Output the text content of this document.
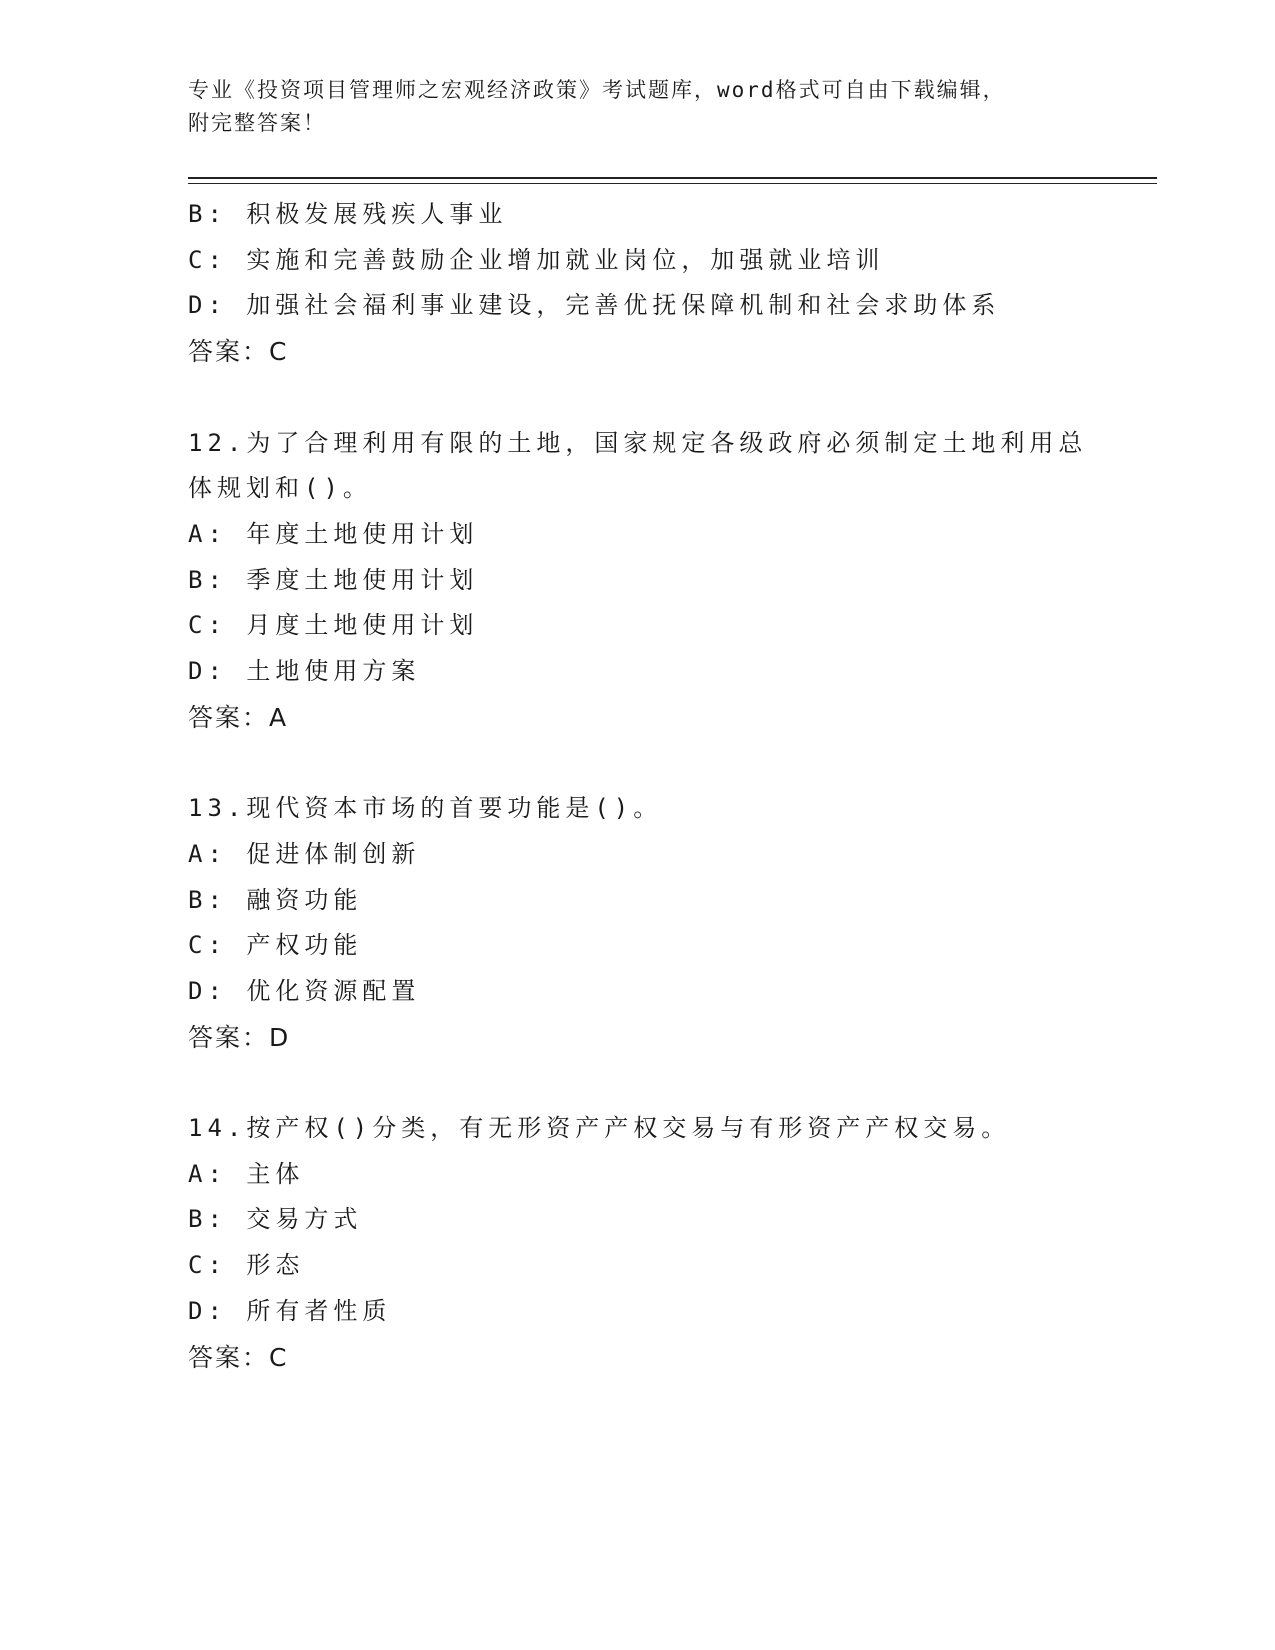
专业《投资项目管理师之宏观经济政策》考试题库，word格式可自由下载编辑，
附完整答案！
B: 积极发展残疾人事业
C: 实施和完善鼓励企业增加就业岗位，加强就业培训
D: 加强社会福利事业建设，完善优抚保障机制和社会求助体系
答案：C
12.为了合理利用有限的土地，国家规定各级政府必须制定土地利用总
体规划和()。
A: 年度土地使用计划
B: 季度土地使用计划
C: 月度土地使用计划
D: 土地使用方案
答案：A
13.现代资本市场的首要功能是()。
A: 促进体制创新
B: 融资功能
C: 产权功能
D: 优化资源配置
答案：D
14.按产权()分类，有无形资产产权交易与有形资产产权交易。
A: 主体
B: 交易方式
C: 形态
D: 所有者性质
答案：C
